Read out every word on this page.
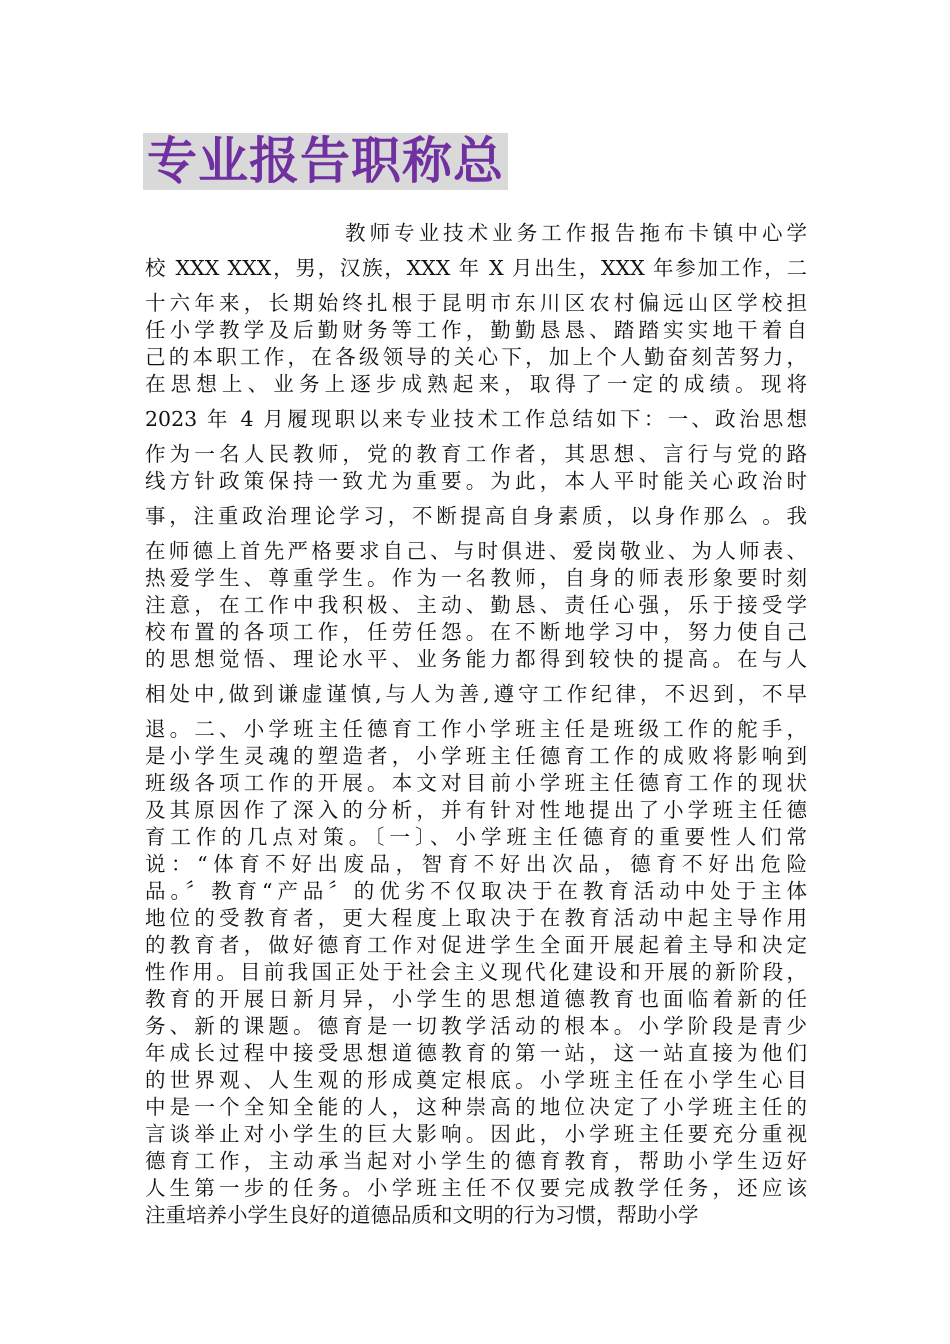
专业报告职称总
教师专业技术业务工作报告拖布卡镇中心学
校 XXX XXX，男，汉族，XXX 年 X 月出生，XXX 年参加工作，二
十六年来，长期始终扎根于昆明市东川区农村偏远山区学校担
任小学教学及后勤财务等工作，勤勤恳恳、踏踏实实地干着自
己的本职工作，在各级领导的关心下，加上个人勤奋刻苦努力，
在思想上、业务上逐步成熟起来，取得了一定的成绩。现将
2023 年 4 月履现职以来专业技术工作总结如下：一、政治思想
作为一名人民教师，党的教育工作者，其思想、言行与党的路
线方针政策保持一致尤为重要。为此，本人平时能关心政治时
事，注重政治理论学习，不断提高自身素质，以身作那么 。我
在师德上首先严格要求自己、与时俱进、爱岗敬业、为人师表、
热爱学生、尊重学生。作为一名教师，自身的师表形象要时刻
注意，在工作中我积极、主动、勤恳、责任心强，乐于接受学
校布置的各项工作，任劳任怨。在不断地学习中，努力使自己
的思想觉悟、理论水平、业务能力都得到较快的提高。在与人
相处中,做到谦虚谨慎,与人为善,遵守工作纪律，不迟到，不早
退。二、小学班主任德育工作小学班主任是班级工作的舵手，
是小学生灵魂的塑造者，小学班主任德育工作的成败将影响到
班级各项工作的开展。本文对目前小学班主任德育工作的现状
及其原因作了深入的分析，并有针对性地提出了小学班主任德
育工作的几点对策。〔一〕、小学班主任德育的重要性人们常
说：“体育不好出废品，智育不好出次品，德育不好出危险
品。〞教育“产品〞的优劣不仅取决于在教育活动中处于主体
地位的受教育者，更大程度上取决于在教育活动中起主导作用
的教育者，做好德育工作对促进学生全面开展起着主导和决定
性作用。目前我国正处于社会主义现代化建设和开展的新阶段，
教育的开展日新月异，小学生的思想道德教育也面临着新的任
务、新的课题。德育是一切教学活动的根本。小学阶段是青少
年成长过程中接受思想道德教育的第一站，这一站直接为他们
的世界观、人生观的形成奠定根底。小学班主任在小学生心目
中是一个全知全能的人，这种崇高的地位决定了小学班主任的
言谈举止对小学生的巨大影响。因此，小学班主任要充分重视
德育工作，主动承当起对小学生的德育教育，帮助小学生迈好
人生第一步的任务。小学班主任不仅要完成教学任务，还应该
注重培养小学生良好的道德品质和文明的行为习惯，帮助小学
